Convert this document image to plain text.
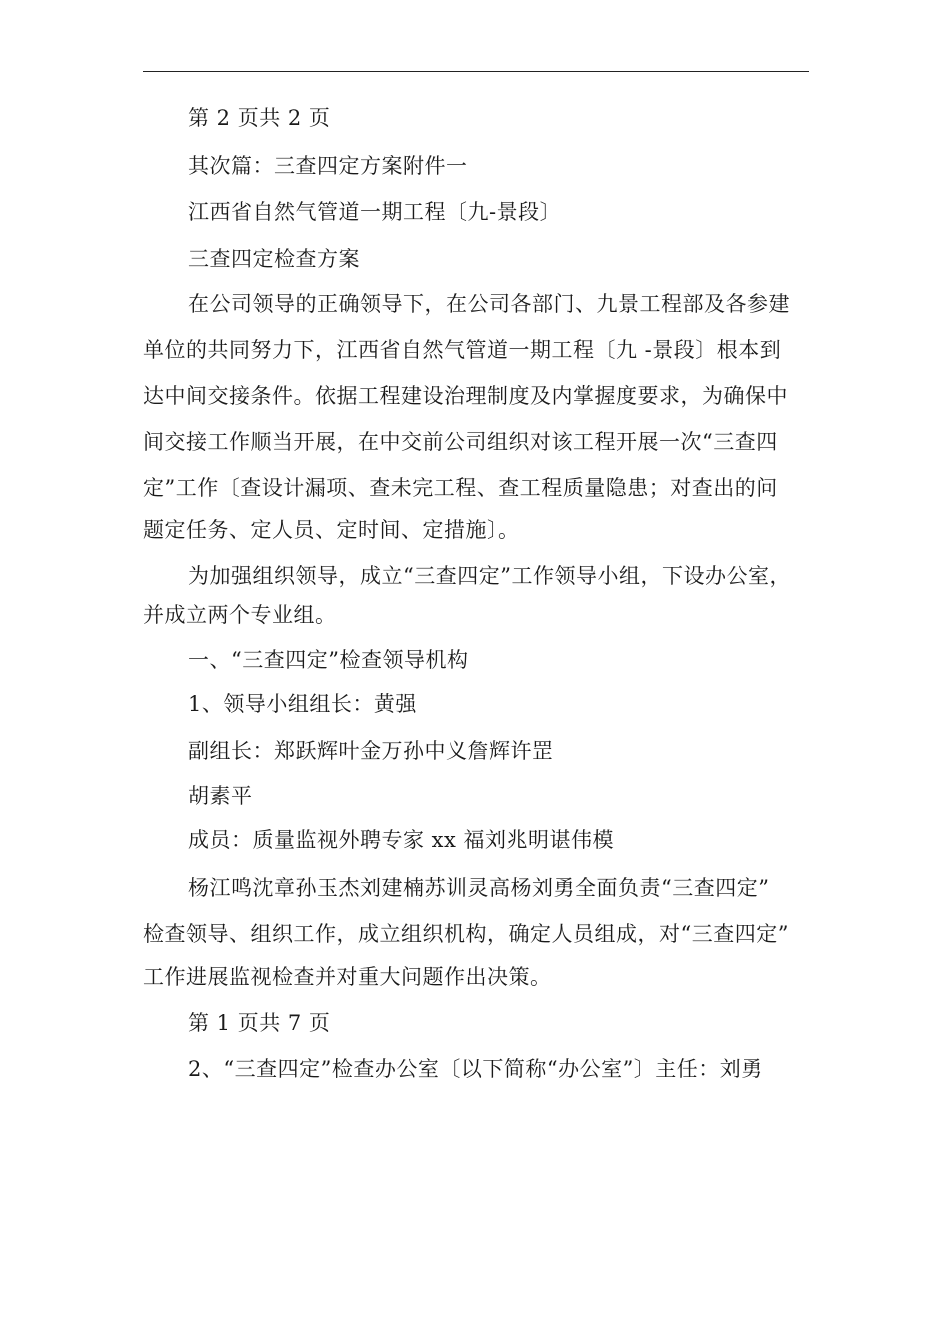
第 2 页共 2 页
其次篇：三查四定方案附件一
江西省自然气管道一期工程〔九-景段〕
三查四定检查方案
在公司领导的正确领导下，在公司各部门、九景工程部及各参建
单位的共同努力下，江西省自然气管道一期工程〔九 -景段〕根本到
达中间交接条件。依据工程建设治理制度及内掌握度要求，为确保中
间交接工作顺当开展，在中交前公司组织对该工程开展一次“三查四
定”工作〔查设计漏项、查未完工程、查工程质量隐患；对查出的问
题定任务、定人员、定时间、定措施〕。
为加强组织领导，成立“三查四定”工作领导小组，下设办公室，
并成立两个专业组。
一、“三查四定”检查领导机构
1、领导小组组长：黄强
副组长：郑跃辉叶金万孙中义詹辉许罡
胡素平
成员：质量监视外聘专家 xx 福刘兆明谌伟模
杨江鸣沈章孙玉杰刘建楠苏训灵高杨刘勇全面负责“三查四定”
检查领导、组织工作，成立组织机构，确定人员组成，对“三查四定”
工作进展监视检查并对重大问题作出决策。
第 1 页共 7 页
2、“三查四定”检查办公室〔以下简称“办公室”〕主任：刘勇
